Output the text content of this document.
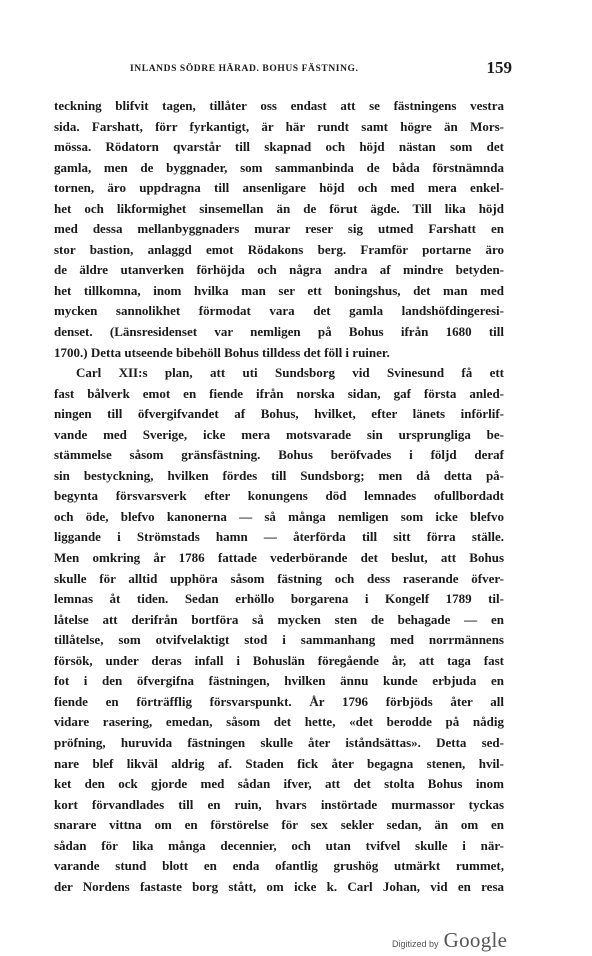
INLANDS SÖDRE HÄRAD. BOHUS FÄSTNING.	159
teckning blifvit tagen, tillåter oss endast att se fästningens vestra
sida. Farshatt, förr fyrkantigt, är här rundt samt högre än Mors-
mössa. Rödatorn qvarstår till skapnad och höjd nästan som det
gamla, men de byggnader, som sammanbinda de båda förstnämnda
tornen, äro uppdragna till ansenligare höjd och med mera enkel-
het och likformighet sinsemellan än de förut ägde. Till lika höjd
med dessa mellanbyggnaders murar reser sig utmed Farshatt en
stor bastion, anlaggd emot Rödakons berg. Framför portarne äro
de äldre utanverken förhöjda och några andra af mindre betyden-
het tillkomna, inom hvilka man ser ett boningshus, det man med
mycken sannolikhet förmodat vara det gamla landshöfdingeresi-
denset. (Länsresidenset var nemligen på Bohus ifrån 1680 till
1700.) Detta utseende bibehöll Bohus tilldess det föll i ruiner.
Carl XII:s plan, att uti Sundsborg vid Svinesund få ett
fast bålverk emot en fiende ifrån norska sidan, gaf första anled-
ningen till öfvergifvandet af Bohus, hvilket, efter länets införlif-
vande med Sverige, icke mera motsvarade sin ursprungliga be-
stämmelse såsom gränsfästning. Bohus beröfvades i följd deraf
sin bestyckning, hvilken fördes till Sundsborg; men då detta på-
begynta försvarsverk efter konungens död lemnades ofullbordadt
och öde, blefvo kanonerna — så många nemligen som icke blefvo
liggande i Strömstads hamn — återförda till sitt förra ställe.
Men omkring år 1786 fattade vederbörande det beslut, att Bohus
skulle för alltid upphöra såsom fästning och dess raserande öfver-
lemnas åt tiden. Sedan erhöllo borgarena i Kongelf 1789 til-
låtelse att derifrån bortföra så mycken sten de behagade — en
tillåtelse, som otvifvelaktigt stod i sammanhang med norrmännens
försök, under deras infall i Bohuslän föregående år, att taga fast
fot i den öfvergifna fästningen, hvilken ännu kunde erbjuda en
fiende en förträfflig försvarspunkt. År 1796 förbjöds åter all
vidare rasering, emedan, såsom det hette, «det berodde på nådig
pröfning, huruvida fästningen skulle åter iståndsättas». Detta sed-
nare blef likväl aldrig af. Staden fick åter begagna stenen, hvil-
ket den ock gjorde med sådan ifver, att det stolta Bohus inom
kort förvandlades till en ruin, hvars instörtade murmassor tyckas
snarare vittna om en förstörelse för sex sekler sedan, än om en
sådan för lika många decennier, och utan tvifvel skulle i när-
varande stund blott en enda ofantlig grushög utmärkt rummet,
der Nordens fastaste borg stått, om icke k. Carl Johan, vid en resa
Digitized by Google
